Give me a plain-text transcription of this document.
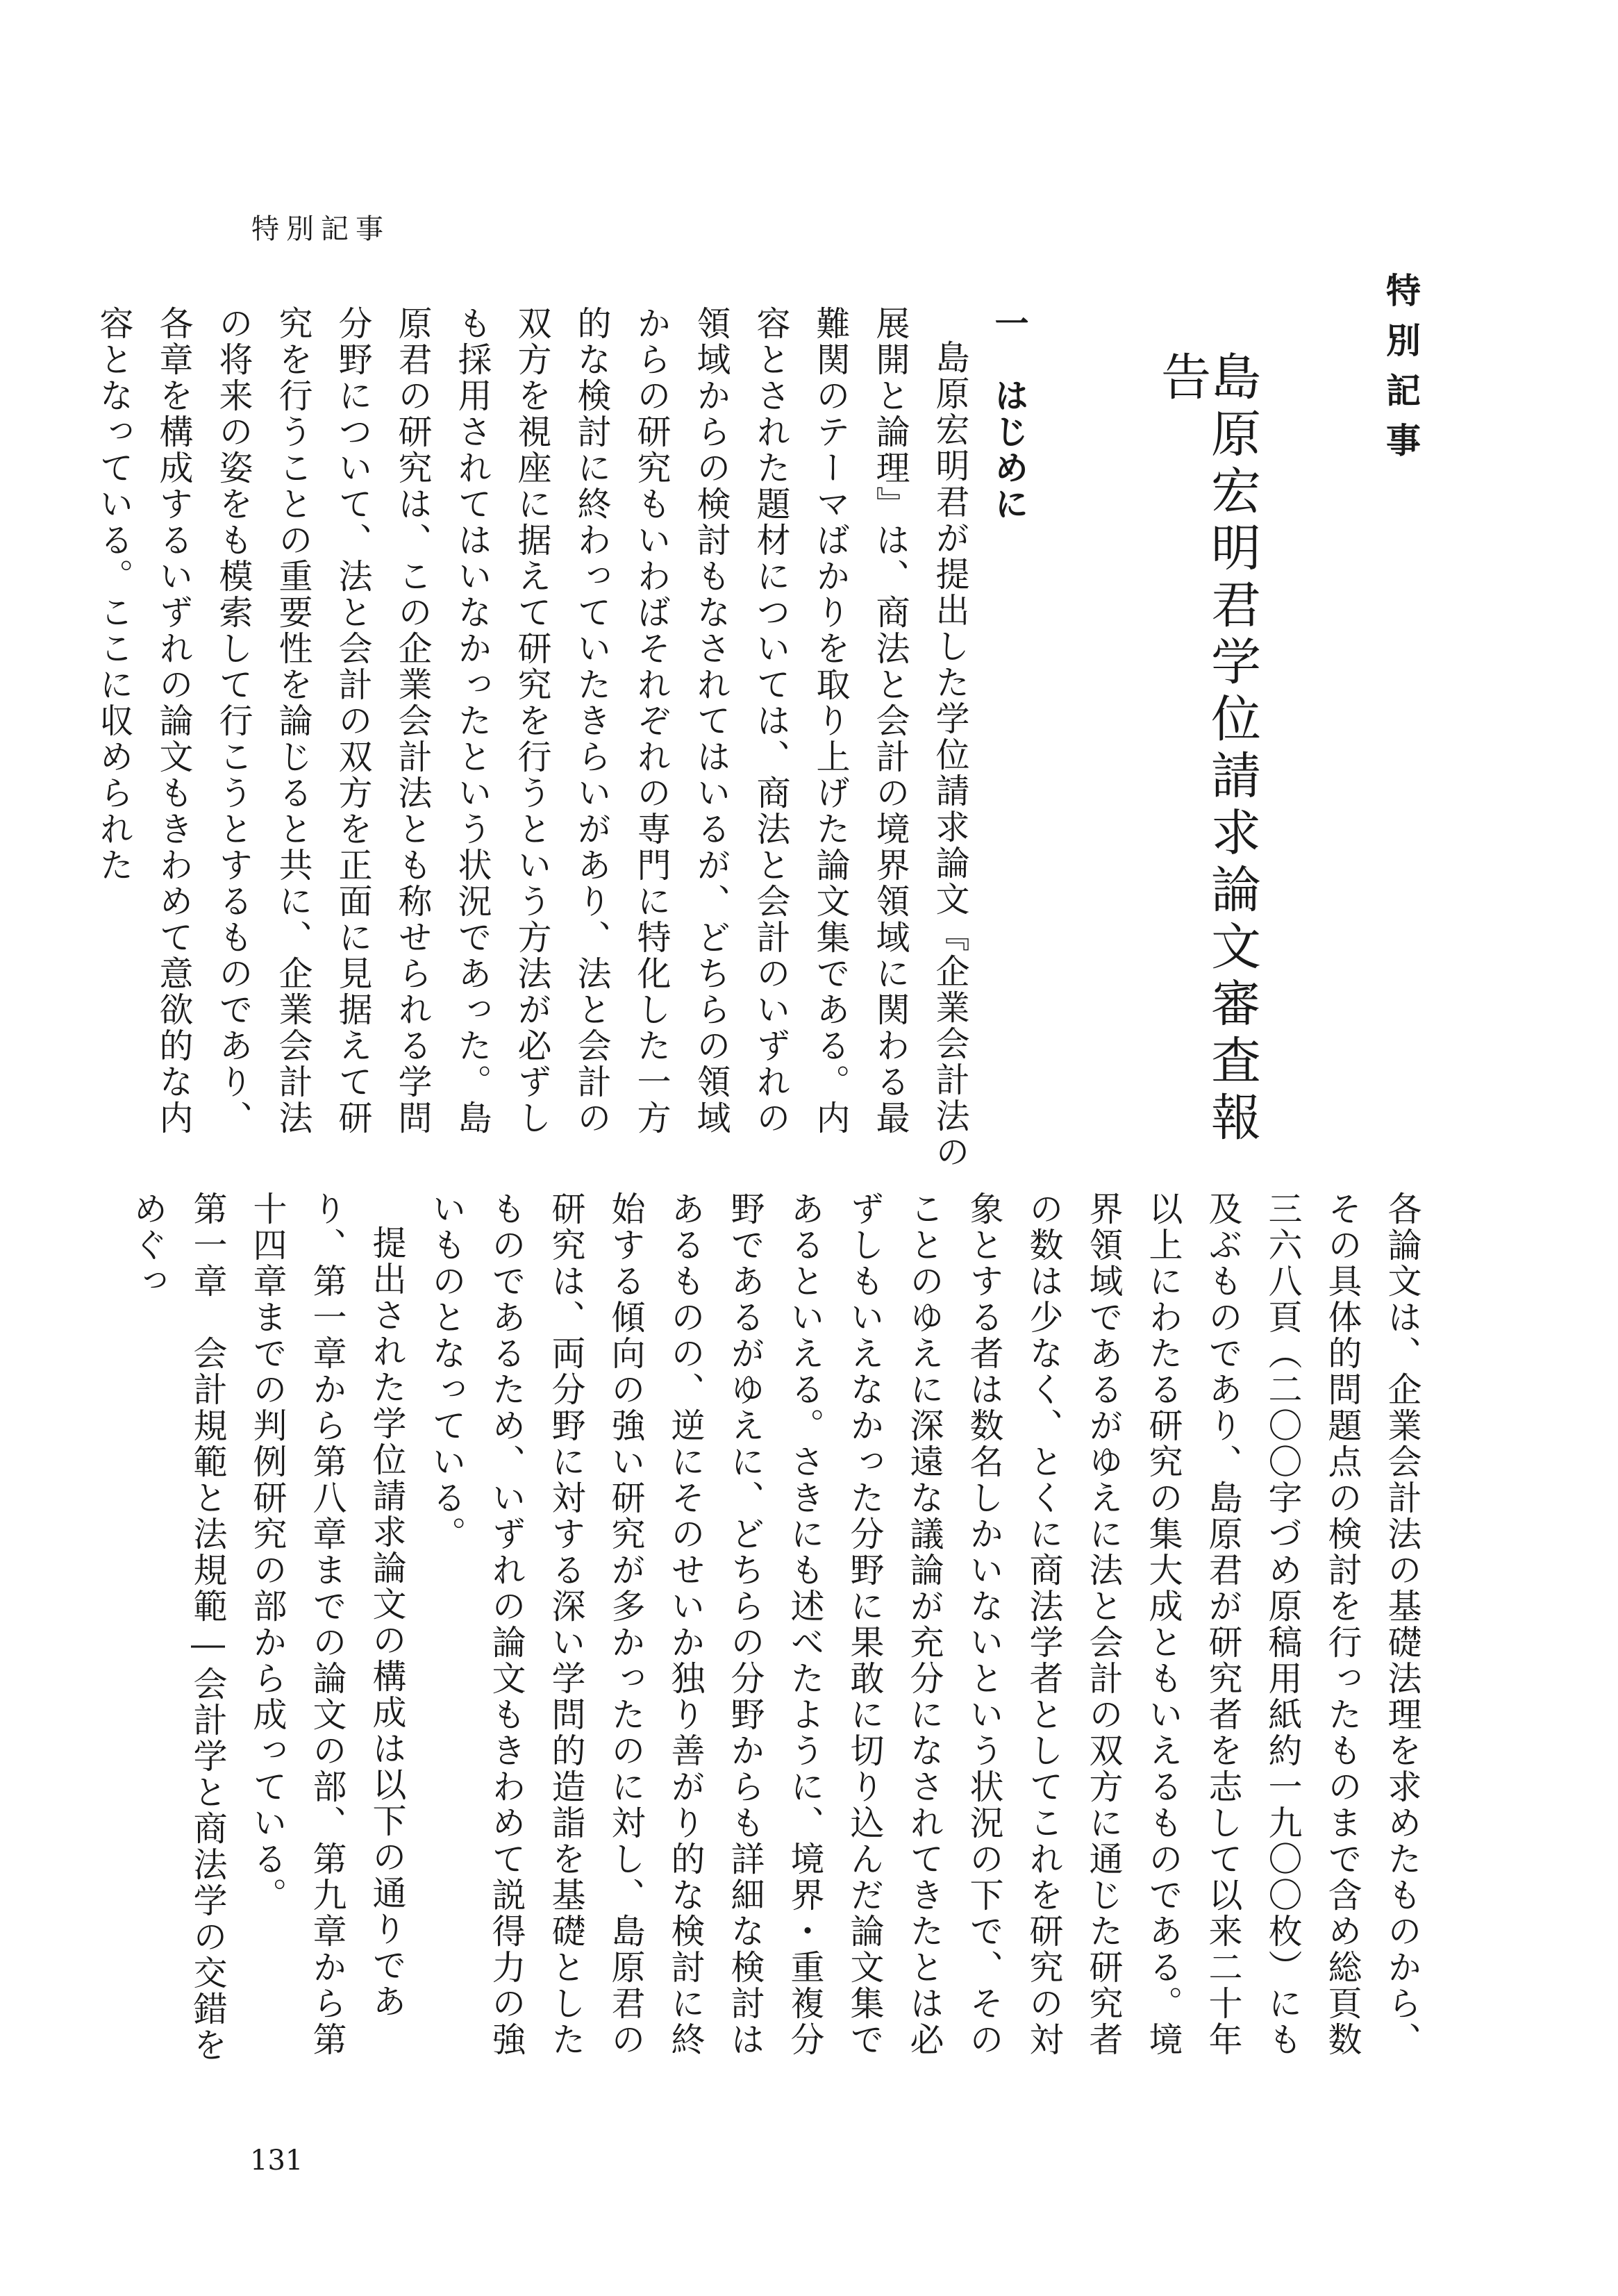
特別記事
特別記事
島原宏明君学位請求論文審査報告

一　はじめに

島原宏明君が提出した学位請求論文『企業会計法の展開と論理』は、商法と会計の境界領域に関わる最難関のテーマばかりを取り上げた論文集である。内容とされた題材については、商法と会計のいずれの領域からの検討もなされてはいるが、どちらの領域からの研究もいわばそれぞれの専門に特化した一方的な検討に終わっていたきらいがあり、法と会計の双方を視座に据えて研究を行うという方法が必ずしも採用されてはいなかったという状況であった。島原君の研究は、この企業会計法とも称せられる学問分野について、法と会計の双方を正面に見据えて研究を行うことの重要性を論じると共に、企業会計法の将来の姿をも模索して行こうとするものであり、各章を構成するいずれの論文もきわめて意欲的な内容となっている。ここに収められた

各論文は、企業会計法の基礎法理を求めたものから、その具体的問題点の検討を行ったものまで含め総頁数三六八頁（二〇〇字づめ原稿用紙約一九〇〇枚）にも及ぶものであり、島原君が研究者を志して以来二十年以上にわたる研究の集大成ともいえるものである。境界領域であるがゆえに法と会計の双方に通じた研究者の数は少なく、とくに商法学者としてこれを研究の対象とする者は数名しかいないという状況の下で、そのことのゆえに深遠な議論が充分になされてきたとは必ずしもいえなかった分野に果敢に切り込んだ論文集であるといえる。さきにも述べたように、境界・重複分野であるがゆえに、どちらの分野からも詳細な検討はあるものの、逆にそのせいか独り善がり的な検討に終始する傾向の強い研究が多かったのに対し、島原君の研究は、両分野に対する深い学問的造詣を基礎としたものであるため、いずれの論文もきわめて説得力の強いものとなっている。

提出された学位請求論文の構成は以下の通りであり、第一章から第八章までの論文の部、第九章から第十四章までの判例研究の部から成っている。

第一章　会計規範と法規範―会計学と商法学の交錯をめぐっ

131
